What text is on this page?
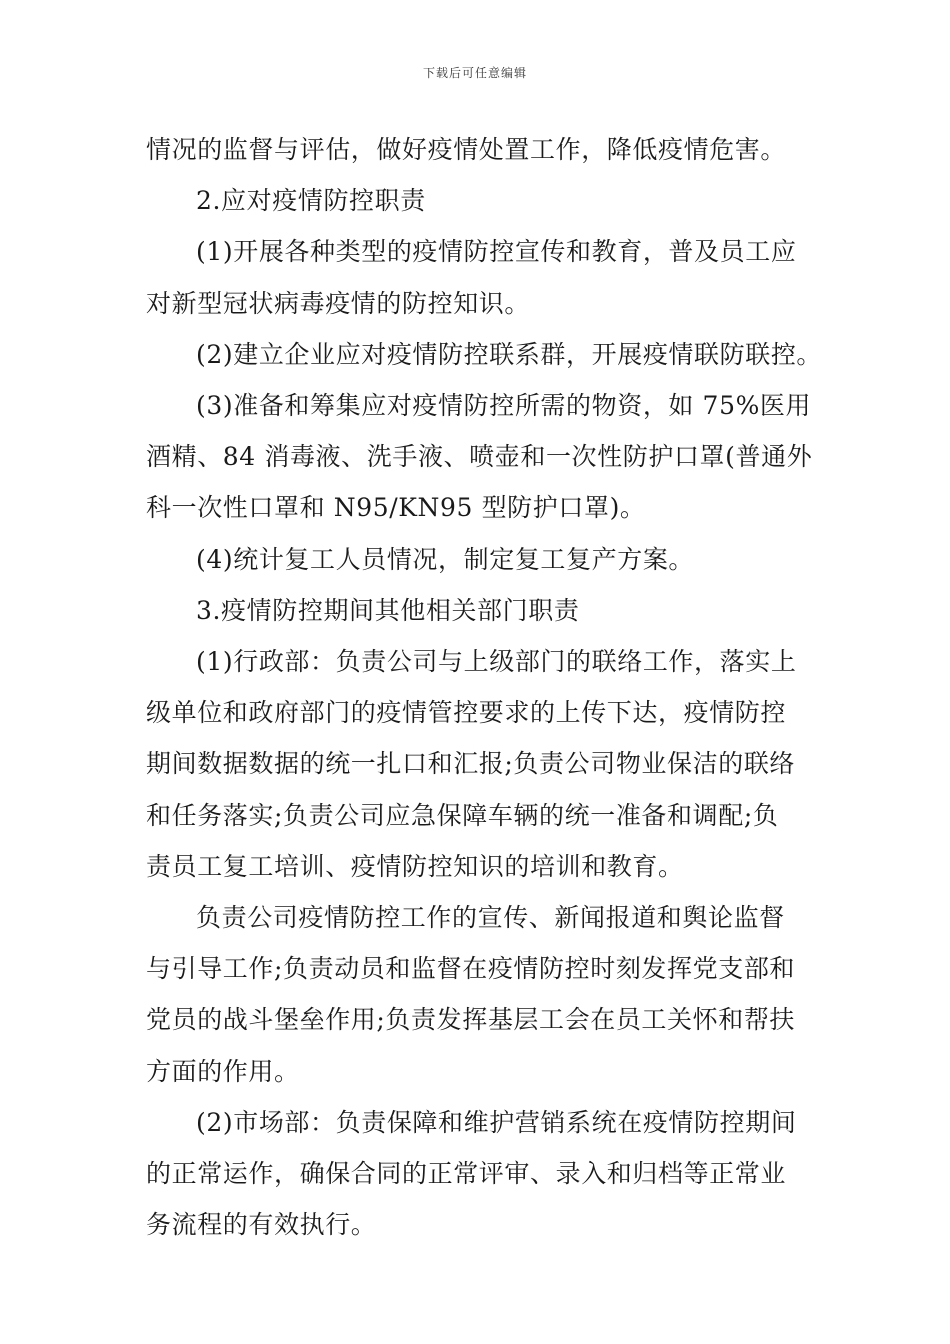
下载后可任意编辑
情况的监督与评估，做好疫情处置工作，降低疫情危害。
2.应对疫情防控职责
(1)开展各种类型的疫情防控宣传和教育，普及员工应
对新型冠状病毒疫情的防控知识。
(2)建立企业应对疫情防控联系群，开展疫情联防联控。
(3)准备和筹集应对疫情防控所需的物资，如 75%医用
酒精、84 消毒液、洗手液、喷壶和一次性防护口罩(普通外
科一次性口罩和 N95/KN95 型防护口罩)。
(4)统计复工人员情况，制定复工复产方案。
3.疫情防控期间其他相关部门职责
(1)行政部：负责公司与上级部门的联络工作，落实上
级单位和政府部门的疫情管控要求的上传下达，疫情防控
期间数据数据的统一扎口和汇报;负责公司物业保洁的联络
和任务落实;负责公司应急保障车辆的统一准备和调配;负
责员工复工培训、疫情防控知识的培训和教育。
负责公司疫情防控工作的宣传、新闻报道和舆论监督
与引导工作;负责动员和监督在疫情防控时刻发挥党支部和
党员的战斗堡垒作用;负责发挥基层工会在员工关怀和帮扶
方面的作用。
(2)市场部：负责保障和维护营销系统在疫情防控期间
的正常运作，确保合同的正常评审、录入和归档等正常业
务流程的有效执行。
